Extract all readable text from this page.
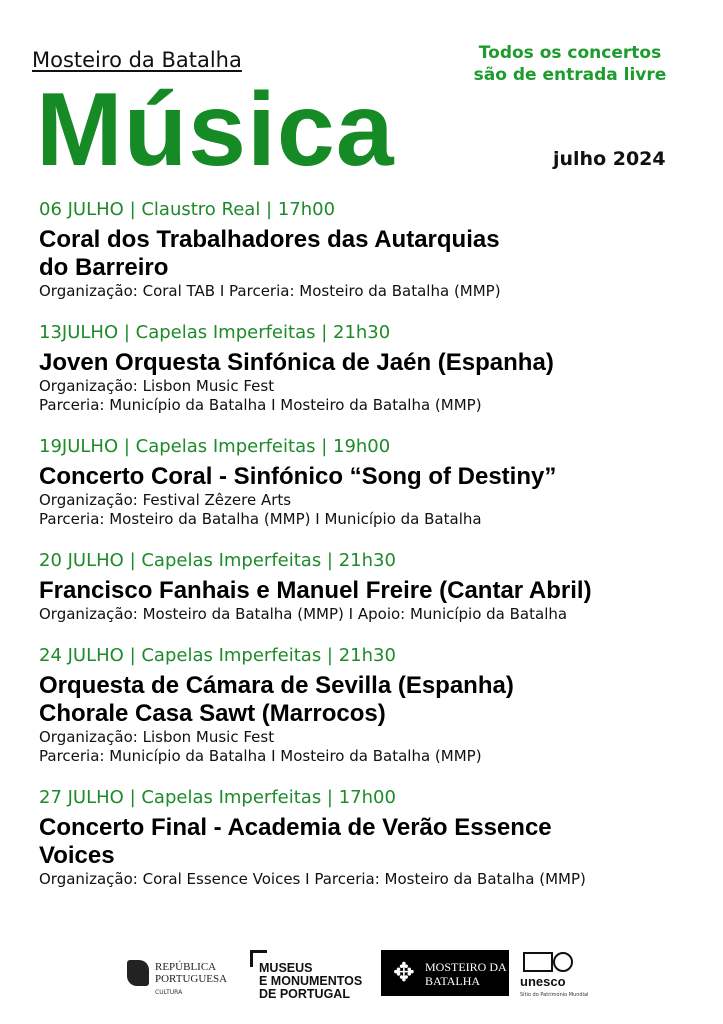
Mosteiro da Batalha	Todos os concertos
são de entrada livre
Música	julho 2024
06 JULHO | Claustro Real | 17h00
Coral dos Trabalhadores das Autarquias
do Barreiro
Organização: Coral TAB I Parceria: Mosteiro da Batalha (MMP)
13JULHO | Capelas Imperfeitas | 21h30
Joven Orquesta Sinfónica de Jaén (Espanha)
Organização: Lisbon Music Fest
Parceria: Município da Batalha I Mosteiro da Batalha (MMP)
19JULHO | Capelas Imperfeitas | 19h00
Concerto Coral - Sinfónico “Song of Destiny”
Organização: Festival Zêzere Arts
Parceria: Mosteiro da Batalha (MMP) I Município da Batalha
20 JULHO | Capelas Imperfeitas | 21h30
Francisco Fanhais e Manuel Freire (Cantar Abril)
Organização: Mosteiro da Batalha (MMP) I Apoio: Município da Batalha
24 JULHO | Capelas Imperfeitas | 21h30
Orquesta de Cámara de Sevilla (Espanha)
Chorale Casa Sawt (Marrocos)
Organização: Lisbon Music Fest
Parceria: Município da Batalha I Mosteiro da Batalha (MMP)
27 JULHO | Capelas Imperfeitas | 17h00
Concerto Final - Academia de Verão Essence
Voices
Organização: Coral Essence Voices I Parceria: Mosteiro da Batalha (MMP)
REPÚBLICA
PORTUGUESA
CULTURA
MUSEUS
E MONUMENTOS
DE PORTUGAL
✥ MOSTEIRO DA
BATALHA	unesco
Sítio do Património Mundial
